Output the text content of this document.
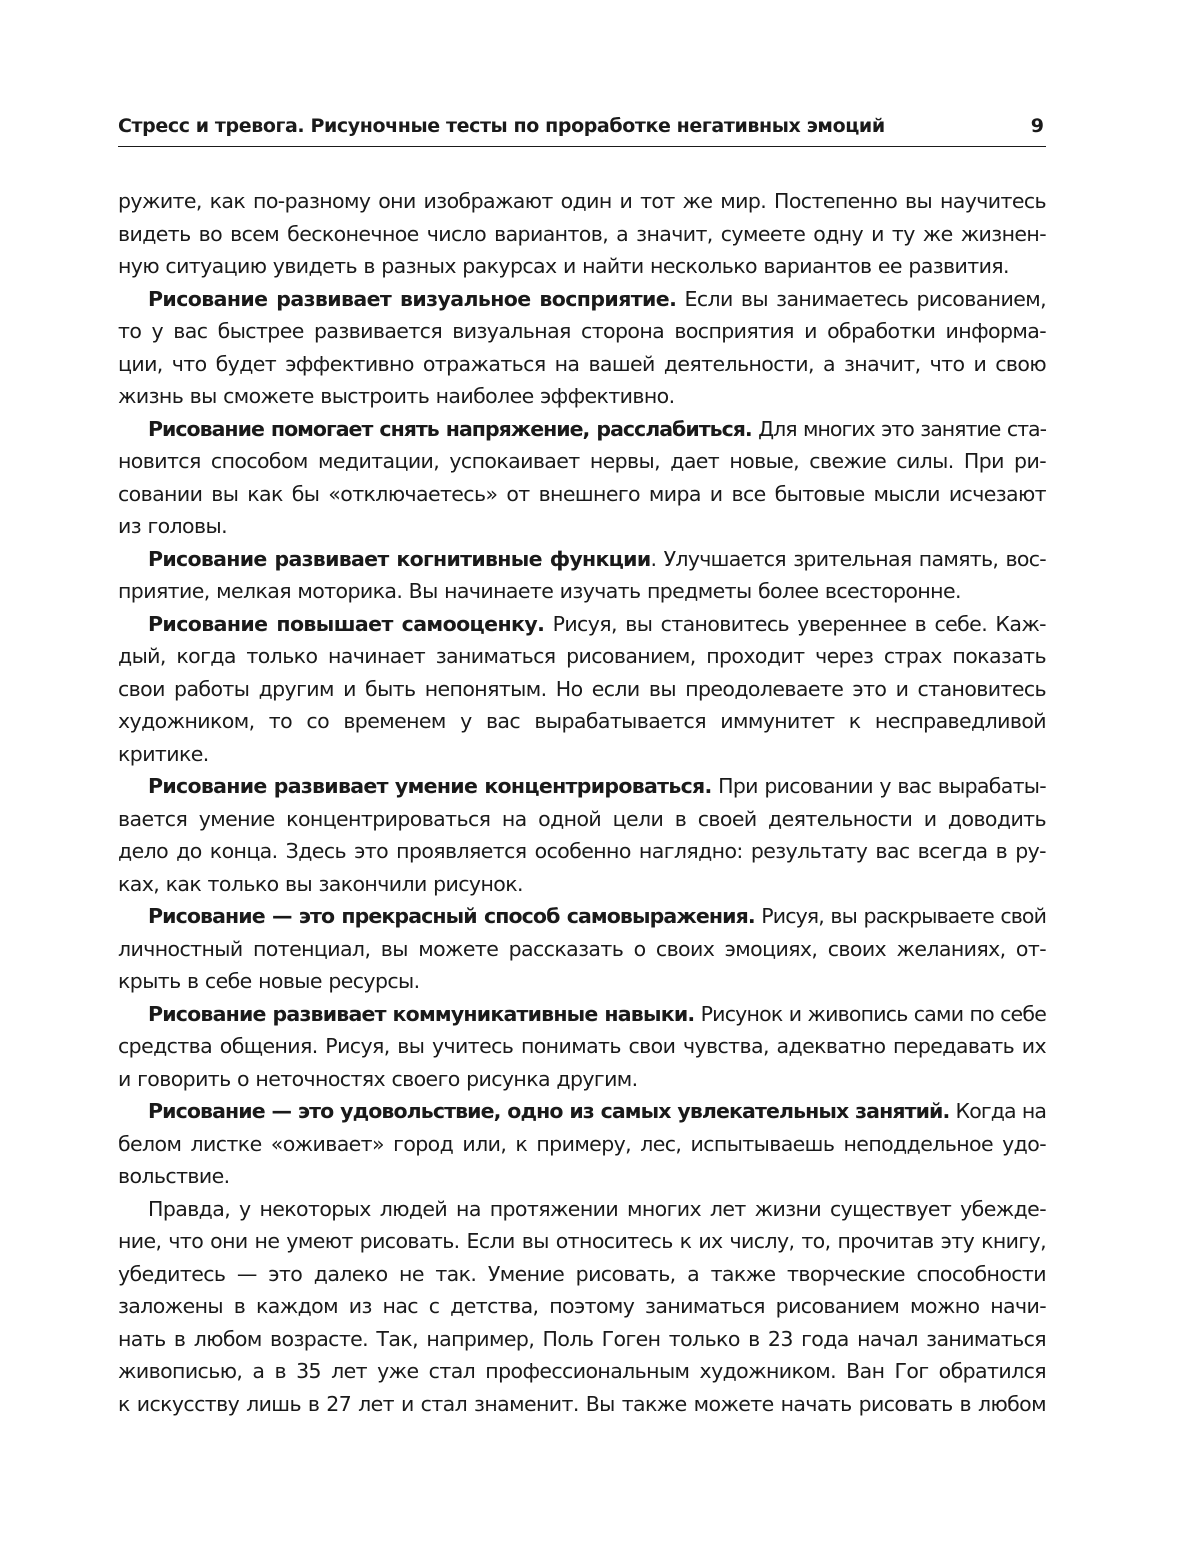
Стресс и тревога. Рисуночные тесты по проработке негативных эмоций	9
ружите, как по-разному они изображают один и тот же мир. Постепенно вы научитесь
видеть во всем бесконечное число вариантов, а значит, сумеете одну и ту же жизнен-
ную ситуацию увидеть в разных ракурсах и найти несколько вариантов ее развития.
Рисование развивает визуальное восприятие. Если вы занимаетесь рисованием,
то у вас быстрее развивается визуальная сторона восприятия и обработки информа-
ции, что будет эффективно отражаться на вашей деятельности, а значит, что и свою
жизнь вы сможете выстроить наиболее эффективно.
Рисование помогает снять напряжение, расслабиться. Для многих это занятие ста-
новится способом медитации, успокаивает нервы, дает новые, свежие силы. При ри-
совании вы как бы «отключаетесь» от внешнего мира и все бытовые мысли исчезают
из головы.
Рисование развивает когнитивные функции. Улучшается зрительная память, вос-
приятие, мелкая моторика. Вы начинаете изучать предметы более всесторонне.
Рисование повышает самооценку. Рисуя, вы становитесь увереннее в себе. Каж-
дый, когда только начинает заниматься рисованием, проходит через страх показать
свои работы другим и быть непонятым. Но если вы преодолеваете это и становитесь
художником, то со временем у вас вырабатывается иммунитет к несправедливой
критике.
Рисование развивает умение концентрироваться. При рисовании у вас вырабаты-
вается умение концентрироваться на одной цели в своей деятельности и доводить
дело до конца. Здесь это проявляется особенно наглядно: результату вас всегда в ру-
ках, как только вы закончили рисунок.
Рисование — это прекрасный способ самовыражения. Рисуя, вы раскрываете свой
личностный потенциал, вы можете рассказать о своих эмоциях, своих желаниях, от-
крыть в себе новые ресурсы.
Рисование развивает коммуникативные навыки. Рисунок и живопись сами по себе
средства общения. Рисуя, вы учитесь понимать свои чувства, адекватно передавать их
и говорить о неточностях своего рисунка другим.
Рисование — это удовольствие, одно из самых увлекательных занятий. Когда на
белом листке «оживает» город или, к примеру, лес, испытываешь неподдельное удо-
вольствие.
Правда, у некоторых людей на протяжении многих лет жизни существует убежде-
ние, что они не умеют рисовать. Если вы относитесь к их числу, то, прочитав эту книгу,
убедитесь — это далеко не так. Умение рисовать, а также творческие способности
заложены в каждом из нас с детства, поэтому заниматься рисованием можно начи-
нать в любом возрасте. Так, например, Поль Гоген только в 23 года начал заниматься
живописью, а в 35 лет уже стал профессиональным художником. Ван Гог обратился
к искусству лишь в 27 лет и стал знаменит. Вы также можете начать рисовать в любом
